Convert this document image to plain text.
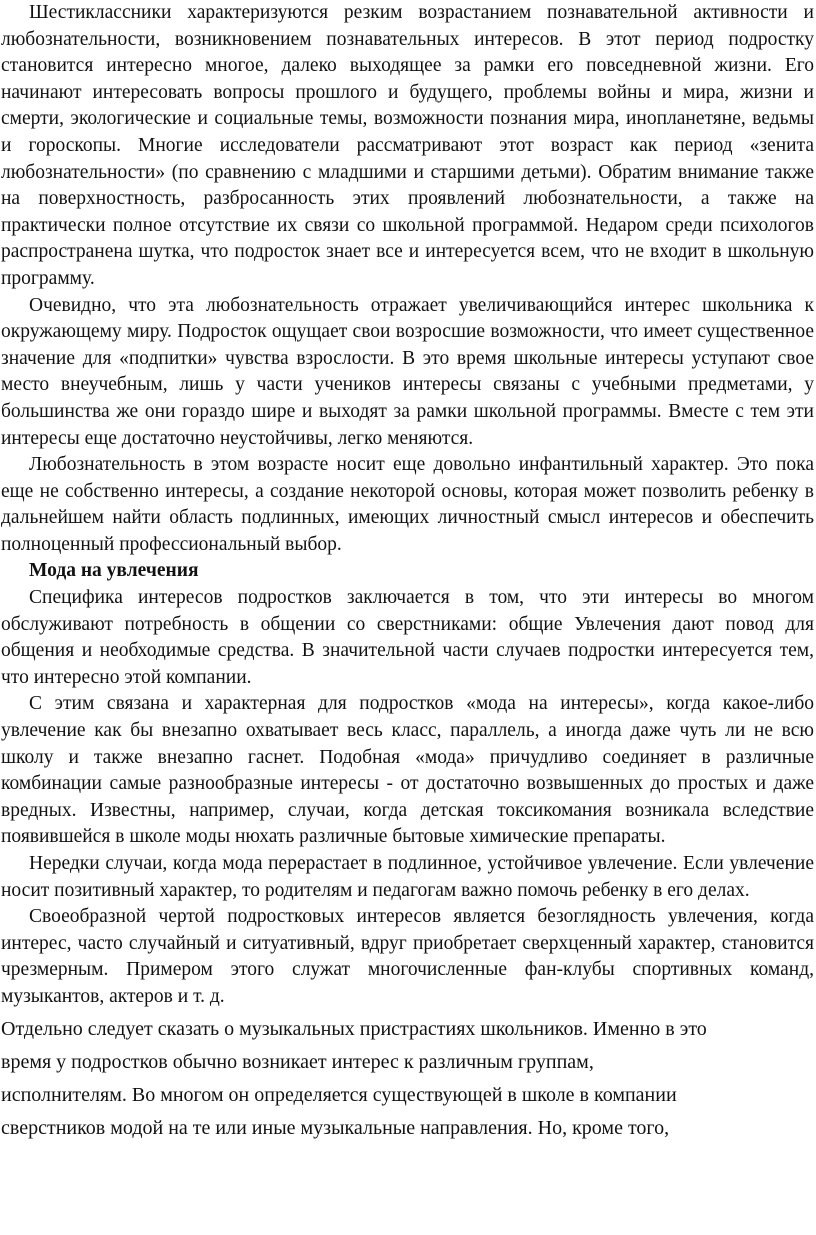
Шестиклассники характеризуются резким возрастанием познавательной активности и любознательности, возникновением познавательных интересов. В этот период подростку становится интересно многое, далеко выходящее за рамки его повседневной жизни. Его начинают интересовать вопросы прошлого и будущего, проблемы войны и мира, жизни и смерти, экологические и социальные темы, возможности познания мира, инопланетяне, ведьмы и гороскопы. Многие исследователи рассматривают этот возраст как период «зенита любознательности» (по сравнению с младшими и старшими детьми). Обратим внимание также на поверхностность, разбросанность этих проявлений любознательности, а также на практически полное отсутствие их связи со школьной программой. Недаром среди психологов распространена шутка, что подросток знает все и интересуется всем, что не входит в школьную программу.

Очевидно, что эта любознательность отражает увеличивающийся интерес школьника к окружающему миру. Подросток ощущает свои возросшие возможности, что имеет существенное значение для «подпитки» чувства взрослости. В это время школьные интересы уступают свое место внеучебным, лишь у части учеников интересы связаны с учебными предметами, у большинства же они гораздо шире и выходят за рамки школьной программы. Вместе с тем эти интересы еще достаточно неустойчивы, легко меняются.

Любознательность в этом возрасте носит еще довольно инфантильный характер. Это пока еще не собственно интересы, а создание некоторой основы, которая может позволить ребенку в дальнейшем найти область подлинных, имеющих личностный смысл интересов и обеспечить полноценный профессиональный выбор.

Мода на увлечения

Специфика интересов подростков заключается в том, что эти интересы во многом обслуживают потребность в общении со сверстниками: общие Увлечения дают повод для общения и необходимые средства. В значительной части случаев подростки интересуется тем, что интересно этой компании.

С этим связана и характерная для подростков «мода на интересы», когда какое-либо увлечение как бы внезапно охватывает весь класс, параллель, а иногда даже чуть ли не всю школу и также внезапно гаснет. Подобная «мода» причудливо соединяет в различные комбинации самые разнообразные интересы - от достаточно возвышенных до простых и даже вредных. Известны, например, случаи, когда детская токсикомания возникала вследствие появившейся в школе моды нюхать различные бытовые химические препараты.

Нередки случаи, когда мода перерастает в подлинное, устойчивое увлечение. Если увлечение носит позитивный характер, то родителям и педагогам важно помочь ребенку в его делах.

Своеобразной чертой подростковых интересов является безоглядность увлечения, когда интерес, часто случайный и ситуативный, вдруг приобретает сверхценный характер, становится чрезмерным. Примером этого служат многочисленные фан-клубы спортивных команд, музыкантов, актеров и т. д.

Отдельно следует сказать о музыкальных пристрастиях школьников. Именно в это
время у подростков обычно возникает интерес к различным группам,
исполнителям. Во многом он определяется существующей в школе в компании
сверстников модой на те или иные музыкальные направления. Но, кроме того,
